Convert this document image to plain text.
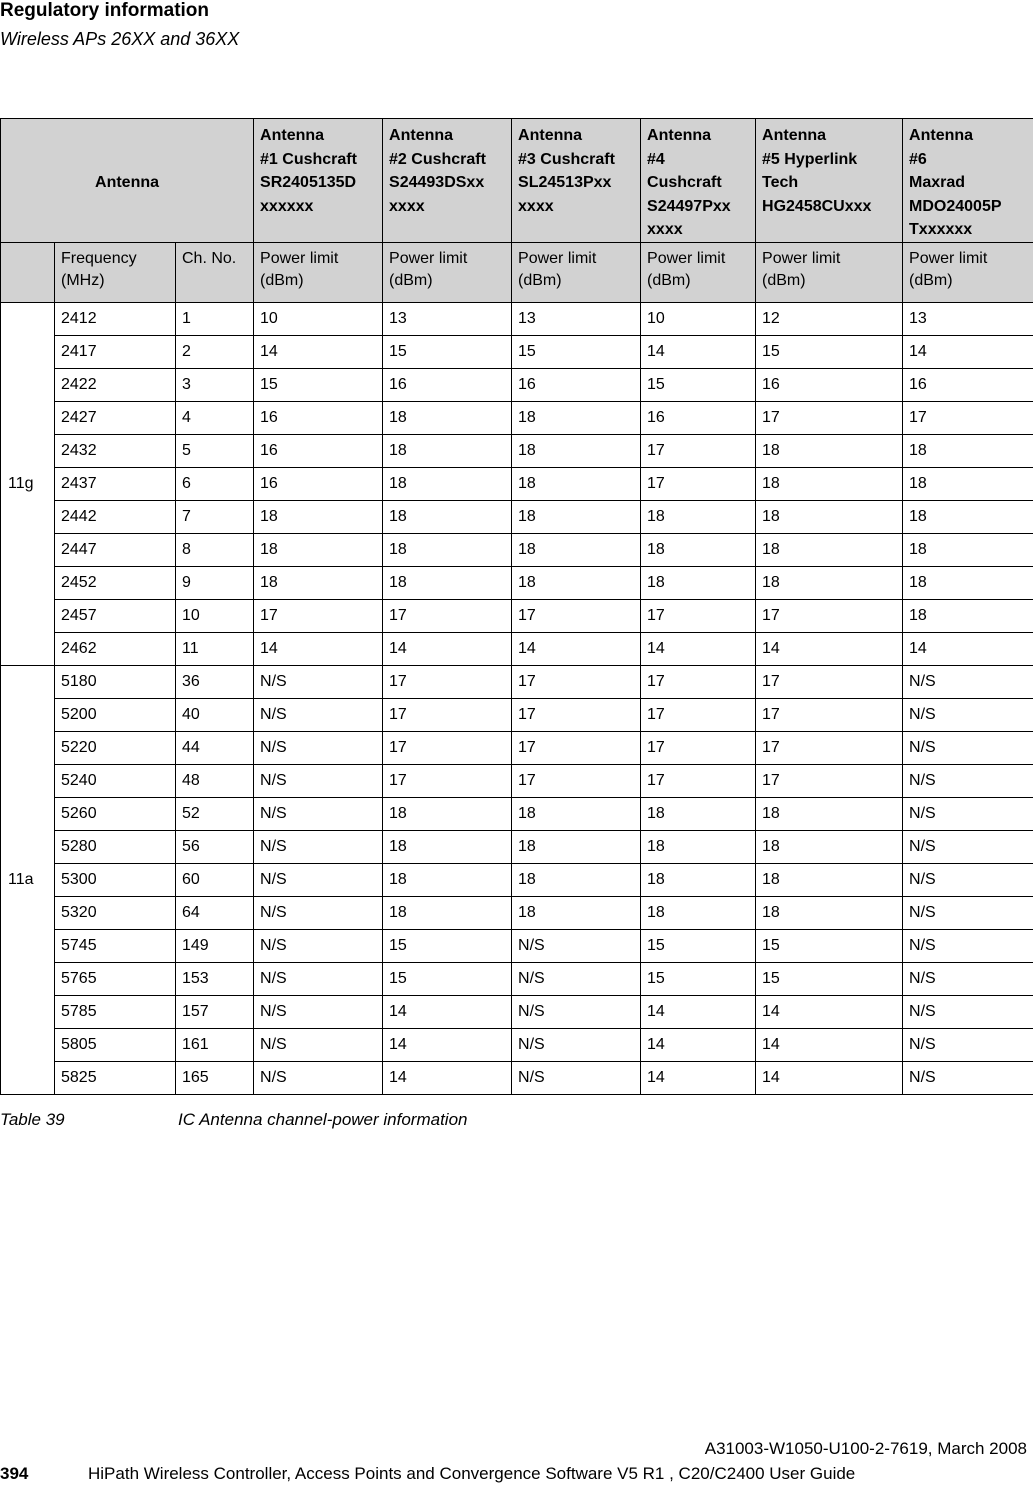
Regulatory information
Wireless APs 26XX and 36XX
Antenna			Antenna
#1 Cushcraft
SR2405135D
xxxxxx	Antenna
#2 Cushcraft
S24493DSxx
xxxx	Antenna
#3 Cushcraft
SL24513Pxx
xxxx	Antenna
#4
Cushcraft
S24497Pxx
xxxx	Antenna
#5 Hyperlink
Tech
HG2458CUxxx	Antenna
#6
Maxrad
MDO24005P
Txxxxxx
	Frequency
(MHz)	Ch. No.	Power limit
(dBm)	Power limit
(dBm)	Power limit
(dBm)	Power limit
(dBm)	Power limit
(dBm)	Power limit
(dBm)
11g	2412	1	10	13	13	10	12	13
	2417	2	14	15	15	14	15	14
	2422	3	15	16	16	15	16	16
	2427	4	16	18	18	16	17	17
	2432	5	16	18	18	17	18	18
	2437	6	16	18	18	17	18	18
	2442	7	18	18	18	18	18	18
	2447	8	18	18	18	18	18	18
	2452	9	18	18	18	18	18	18
	2457	10	17	17	17	17	17	18
	2462	11	14	14	14	14	14	14
11a	5180	36	N/S	17	17	17	17	N/S
	5200	40	N/S	17	17	17	17	N/S
	5220	44	N/S	17	17	17	17	N/S
	5240	48	N/S	17	17	17	17	N/S
	5260	52	N/S	18	18	18	18	N/S
	5280	56	N/S	18	18	18	18	N/S
	5300	60	N/S	18	18	18	18	N/S
	5320	64	N/S	18	18	18	18	N/S
	5745	149	N/S	15	N/S	15	15	N/S
	5765	153	N/S	15	N/S	15	15	N/S
	5785	157	N/S	14	N/S	14	14	N/S
	5805	161	N/S	14	N/S	14	14	N/S
	5825	165	N/S	14	N/S	14	14	N/S
Table 39	IC Antenna channel-power information
A31003-W1050-U100-2-7619, March 2008
394	HiPath Wireless Controller, Access Points and Convergence Software V5 R1 , C20/C2400 User Guide
